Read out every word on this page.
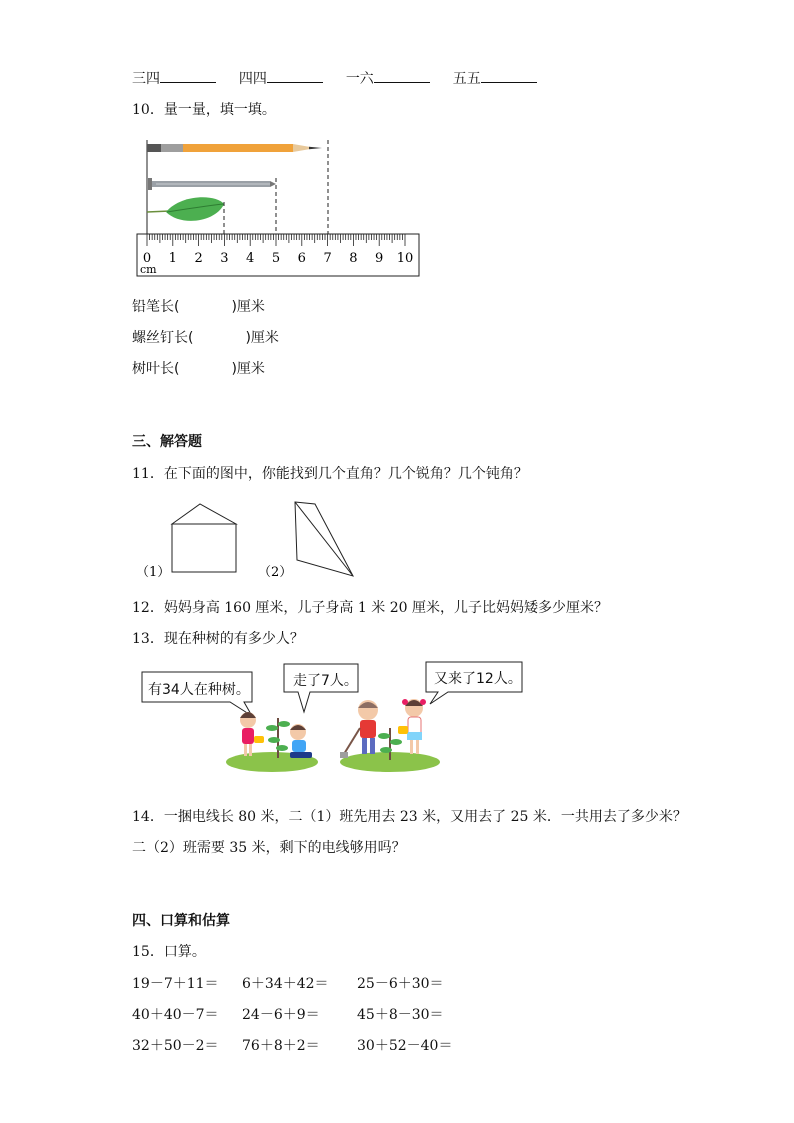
三四	四四	一六	五五
10．量一量，填一填。
0 1 2 3 4 5 6 7 8 9 10
cm
铅笔长(	)厘米
螺丝钉长(	)厘米
树叶长(	)厘米
三、解答题
11．在下面的图中，你能找到几个直角？几个锐角？几个钝角？
（1）	（2）
12．妈妈身高 160 厘米，儿子身高 1 米 20 厘米，儿子比妈妈矮多少厘米？
13．现在种树的有多少人？
有34人在种树。
走了7人。	又来了12人。
14．一捆电线长 80 米，二（1）班先用去 23 米，又用去了 25 米．一共用去了多少米？
二（2）班需要 35 米，剩下的电线够用吗？
四、口算和估算
15．口算。
19－7＋11＝ 6＋34＋42＝ 25－6＋30＝
40＋40－7＝ 24－6＋9＝	45＋8－30＝
32＋50－2＝ 76＋8＋2＝	30＋52－40＝
